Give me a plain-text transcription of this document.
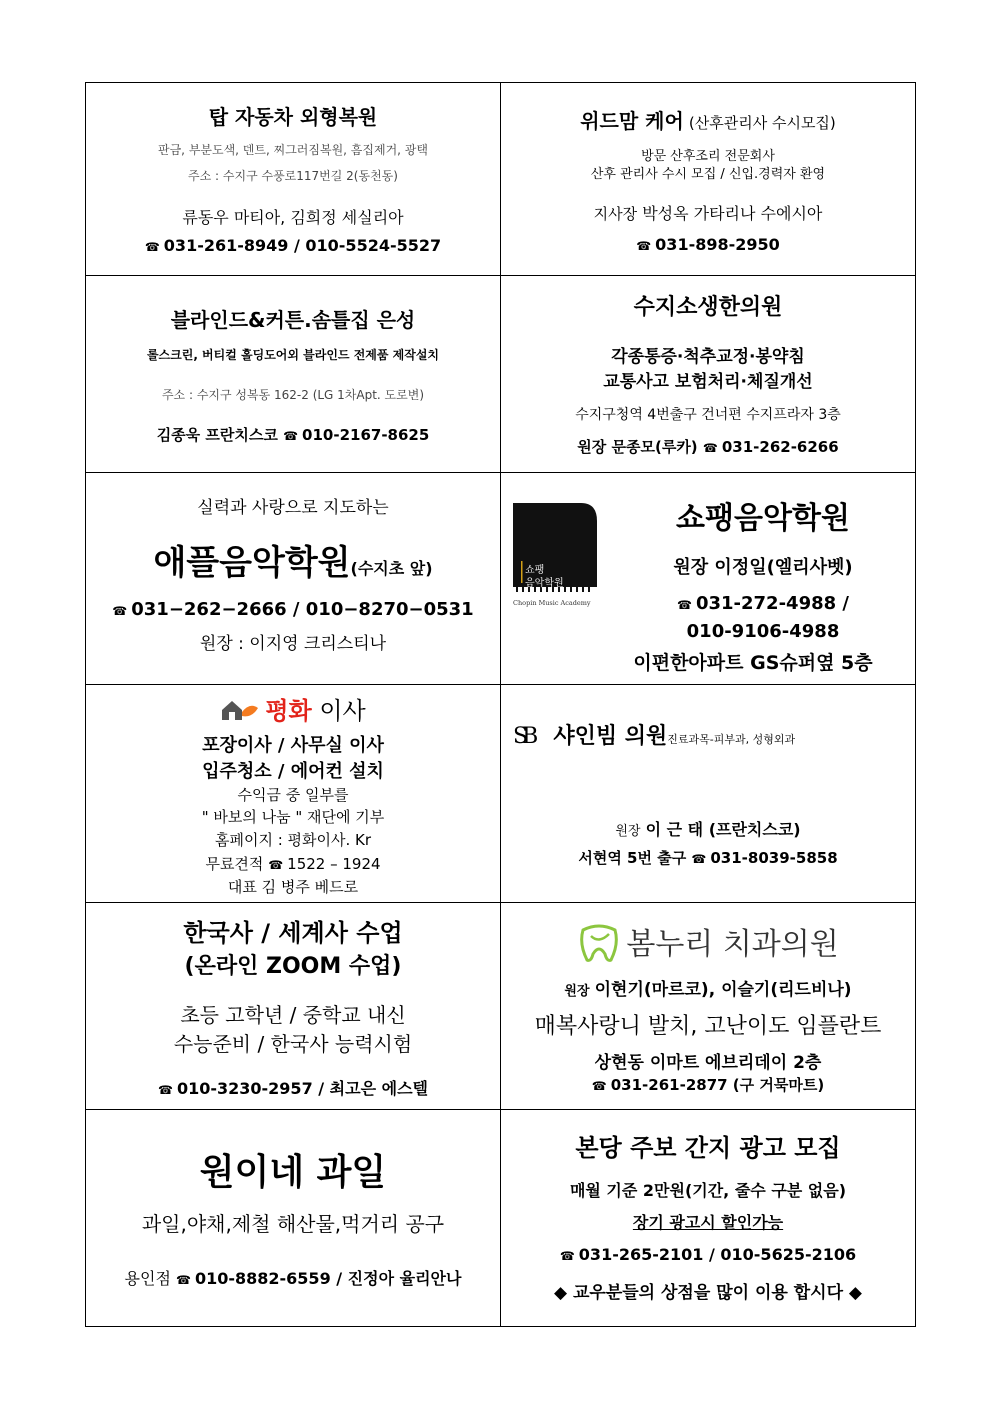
탑 자동차 외형복원
판금, 부분도색, 덴트, 찌그러짐복원, 흠집제거, 광택
주소 : 수지구 수풍로117번길 2(동천동)
류동우 마티아, 김희정 세실리아
☎ 031-261-8949 / 010-5524-5527
위드맘 케어 (산후관리사 수시모집)
방문 산후조리 전문회사
산후 관리사 수시 모집 / 신입.경력자 환영
지사장 박성옥 가타리나 수에시아
☎ 031-898-2950
블라인드&커튼.솜틀집 은성
롤스크린, 버티컬 홀딩도어외 블라인드 전제품 제작설치
주소 : 수지구 성복동 162-2 (LG 1차Apt. 도로변)
김종욱 프란치스코 ☎ 010-2167-8625
수지소생한의원
각종통증·척추교정·봉약침
교통사고 보험처리·체질개선
수지구청역 4번출구 건너편 수지프라자 3층
원장 문종모(루카) ☎ 031-262-6266
실력과 사랑으로 지도하는
애플음악학원(수지초 앞)
☎ 031−262−2666 / 010−8270−0531
원장 : 이지영 크리스티나
쇼팽
음악학원
Chopin Music Academy
쇼팽음악학원
원장 이정일(엘리사벳)
☎ 031-272-4988 /
010-9106-4988
이편한아파트 GS슈퍼옆 5층
평화 이사
포장이사 / 사무실 이사
입주청소 / 에어컨 설치
수익금 중 일부를
" 바보의 나눔 " 재단에 기부
홈페이지 : 평화이사. Kr
무료견적 ☎ 1522 – 1924
대표 김 병주 베드로
SB 샤인빔 의원진료과목-피부과, 성형외과
원장 이 근 태 (프란치스코)
서현역 5번 출구 ☎ 031-8039-5858
한국사 / 세계사 수업
(온라인 ZOOM 수업)
초등 고학년 / 중학교 내신
수능준비 / 한국사 능력시험
☎ 010-3230-2957 / 최고은 에스텔
봄누리 치과의원
원장 이현기(마르코), 이슬기(리드비나)
매복사랑니 발치, 고난이도 임플란트
상현동 이마트 에브리데이 2층
☎ 031-261-2877 (구 거묵마트)
원이네 과일
과일,야채,제철 해산물,먹거리 공구
용인점 ☎ 010-8882-6559 / 진정아 율리안나
본당 주보 간지 광고 모집
매월 기준 2만원(기간, 줄수 구분 없음)
장기 광고시 할인가능
☎ 031-265-2101 / 010-5625-2106
◆ 교우분들의 상점을 많이 이용 합시다 ◆
